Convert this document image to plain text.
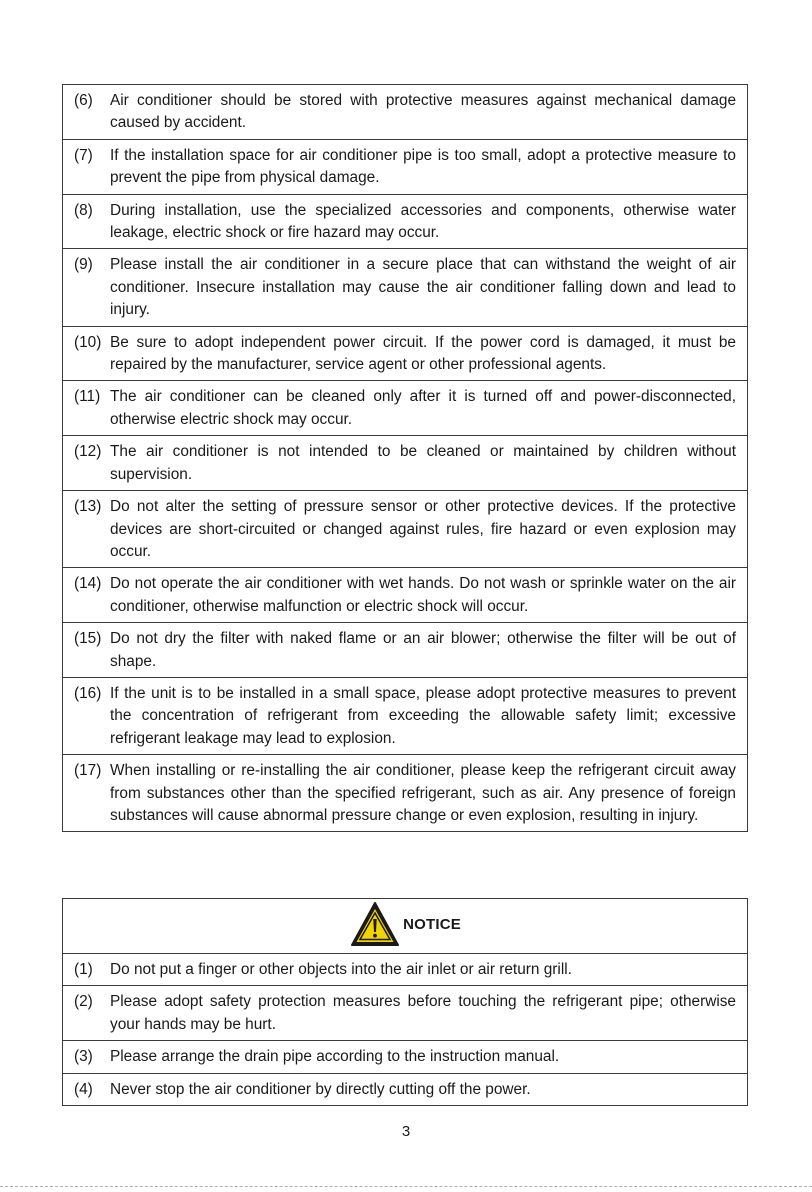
(6)	Air conditioner should be stored with protective measures against mechanical damage caused by accident.
(7)	If the installation space for air conditioner pipe is too small, adopt a protective measure to prevent the pipe from physical damage.
(8)	During installation, use the specialized accessories and components, otherwise water leakage, electric shock or fire hazard may occur.
(9)	Please install the air conditioner in a secure place that can withstand the weight of air conditioner. Insecure installation may cause the air conditioner falling down and lead to injury.
(10) Be sure to adopt independent power circuit. If the power cord is damaged, it must be repaired by the manufacturer, service agent or other professional agents.
(11) The air conditioner can be cleaned only after it is turned off and power-disconnected, otherwise electric shock may occur.
(12) The air conditioner is not intended to be cleaned or maintained by children without supervision.
(13) Do not alter the setting of pressure sensor or other protective devices. If the protective devices are short-circuited or changed against rules, fire hazard or even explosion may occur.
(14) Do not operate the air conditioner with wet hands. Do not wash or sprinkle water on the air conditioner, otherwise malfunction or electric shock will occur.
(15) Do not dry the filter with naked flame or an air blower; otherwise the filter will be out of shape.
(16) If the unit is to be installed in a small space, please adopt protective measures to prevent the concentration of refrigerant from exceeding the allowable safety limit; excessive refrigerant leakage may lead to explosion.
(17) When installing or re-installing the air conditioner, please keep the refrigerant circuit away from substances other than the specified refrigerant, such as air. Any presence of foreign substances will cause abnormal pressure change or even explosion, resulting in injury.
NOTICE
(1)	Do not put a finger or other objects into the air inlet or air return grill.
(2)	Please adopt safety protection measures before touching the refrigerant pipe; otherwise your hands may be hurt.
(3)	Please arrange the drain pipe according to the instruction manual.
(4)	Never stop the air conditioner by directly cutting off the power.
3
